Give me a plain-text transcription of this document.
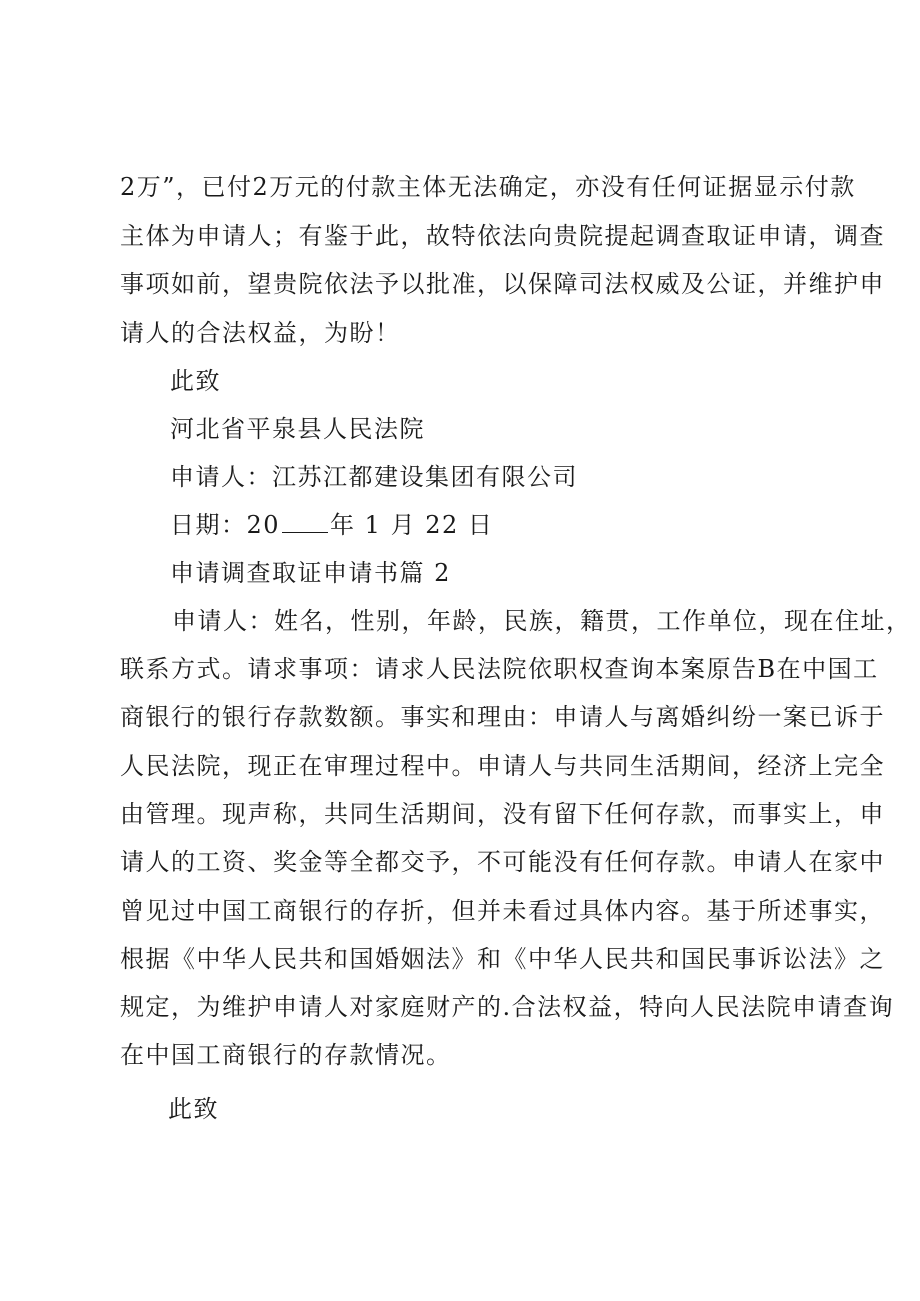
2万”，已付2万元的付款主体无法确定，亦没有任何证据显示付款
主体为申请人；有鉴于此，故特依法向贵院提起调查取证申请，调查
事项如前，望贵院依法予以批准，以保障司法权威及公证，并维护申
请人的合法权益，为盼！
此致
河北省平泉县人民法院
申请人：江苏江都建设集团有限公司
日期：20 年 1 月 22 日
申请调查取证申请书篇 2
申请人：姓名，性别，年龄，民族，籍贯，工作单位，现在住址，
联系方式。请求事项：请求人民法院依职权查询本案原告B在中国工
商银行的银行存款数额。事实和理由：申请人与离婚纠纷一案已诉于
人民法院，现正在审理过程中。申请人与共同生活期间，经济上完全
由管理。现声称，共同生活期间，没有留下任何存款，而事实上，申
请人的工资、奖金等全都交予，不可能没有任何存款。申请人在家中
曾见过中国工商银行的存折，但并未看过具体内容。基于所述事实，
根据《中华人民共和国婚姻法》和《中华人民共和国民事诉讼法》之
规定，为维护申请人对家庭财产的.合法权益，特向人民法院申请查询
在中国工商银行的存款情况。
此致
